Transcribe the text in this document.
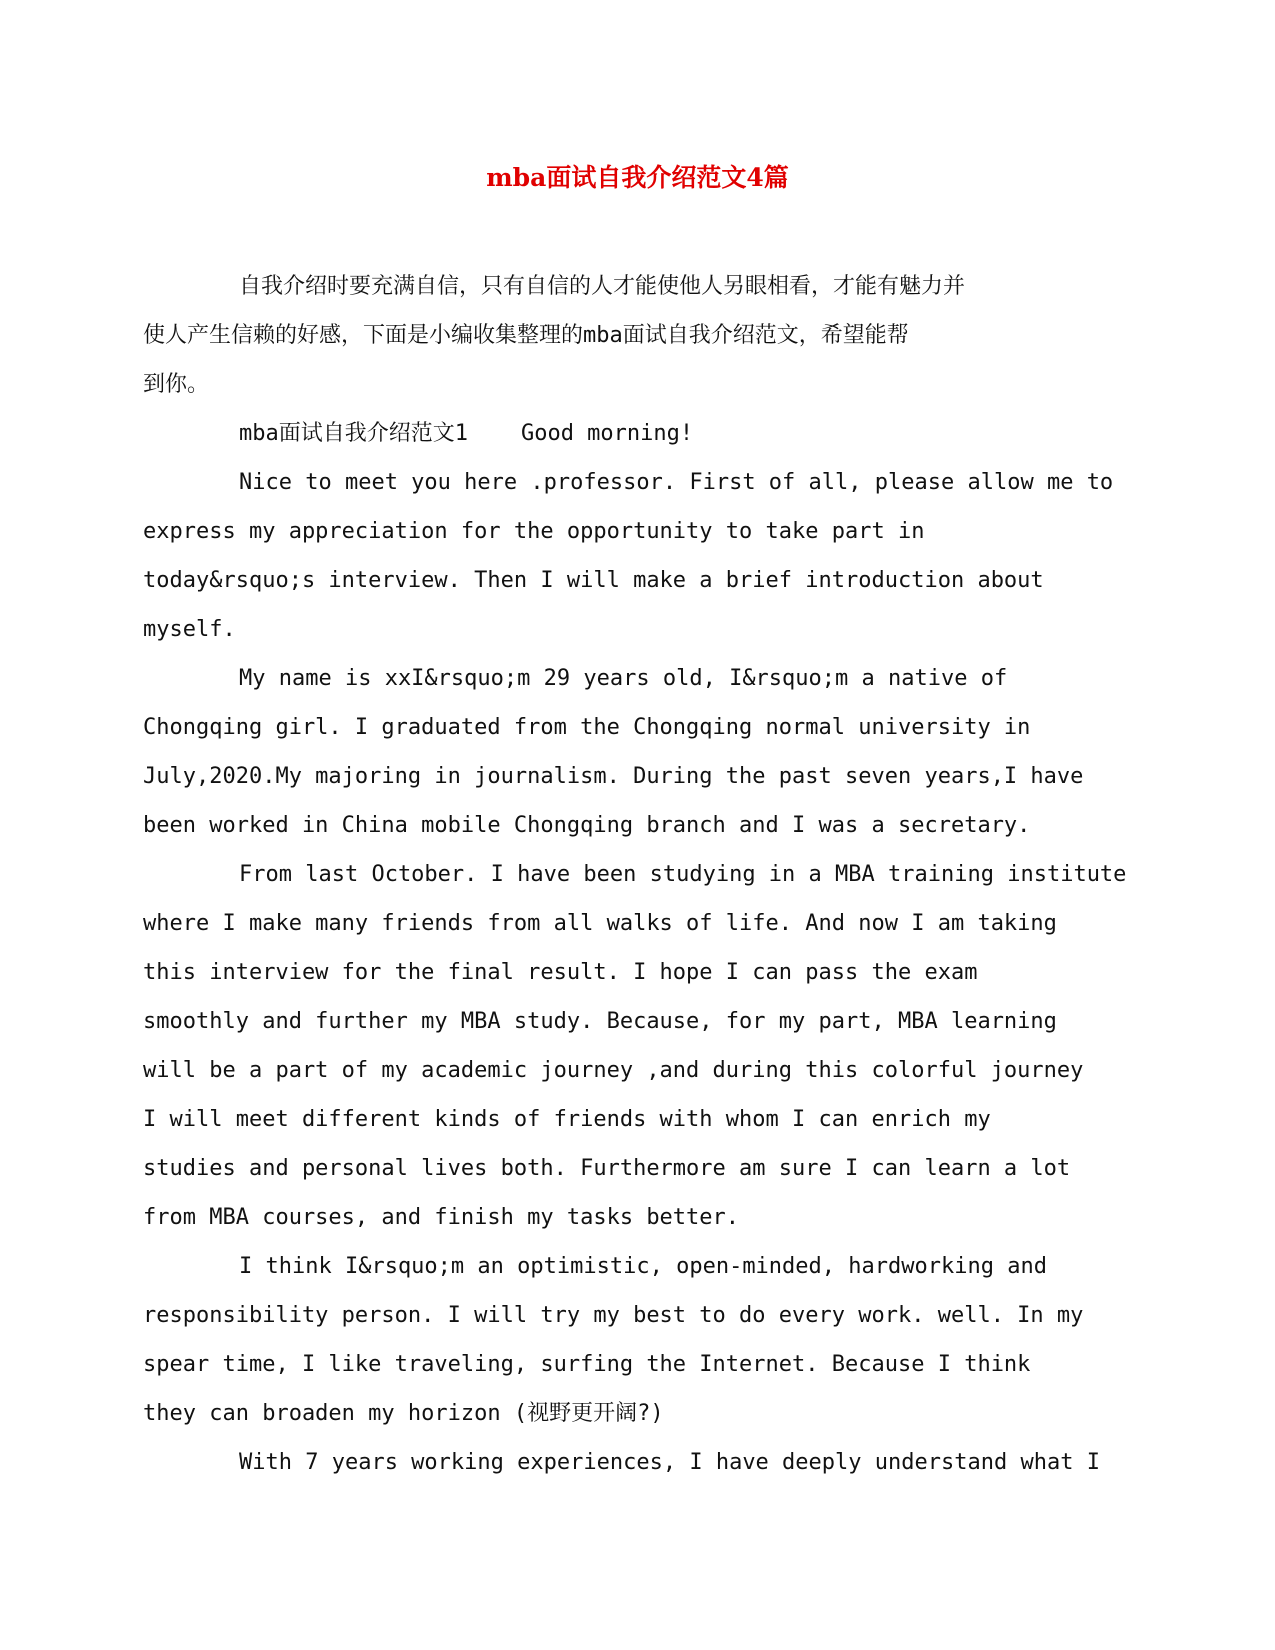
mba面试自我介绍范文4篇

自我介绍时要充满自信，只有自信的人才能使他人另眼相看，才能有魅力并
使人产生信赖的好感，下面是小编收集整理的mba面试自我介绍范文，希望能帮
到你。

mba面试自我介绍范文1    Good morning!

Nice to meet you here .professor. First of all, please allow me to
express my appreciation for the opportunity to take part in
today&rsquo;s interview. Then I will make a brief introduction about
myself.

My name is xxI&rsquo;m 29 years old, I&rsquo;m a native of
Chongqing girl. I graduated from the Chongqing normal university in
July,2020.My majoring in journalism. During the past seven years,I have
been worked in China mobile Chongqing branch and I was a secretary.

From last October. I have been studying in a MBA training institute
where I make many friends from all walks of life. And now I am taking
this interview for the final result. I hope I can pass the exam
smoothly and further my MBA study. Because, for my part, MBA learning
will be a part of my academic journey ,and during this colorful journey
I will meet different kinds of friends with whom I can enrich my
studies and personal lives both. Furthermore am sure I can learn a lot
from MBA courses, and finish my tasks better.

I think I&rsquo;m an optimistic, open-minded, hardworking and
responsibility person. I will try my best to do every work. well. In my
spear time, I like traveling, surfing the Internet. Because I think
they can broaden my horizon (视野更开阔?)

With 7 years working experiences, I have deeply understand what I
